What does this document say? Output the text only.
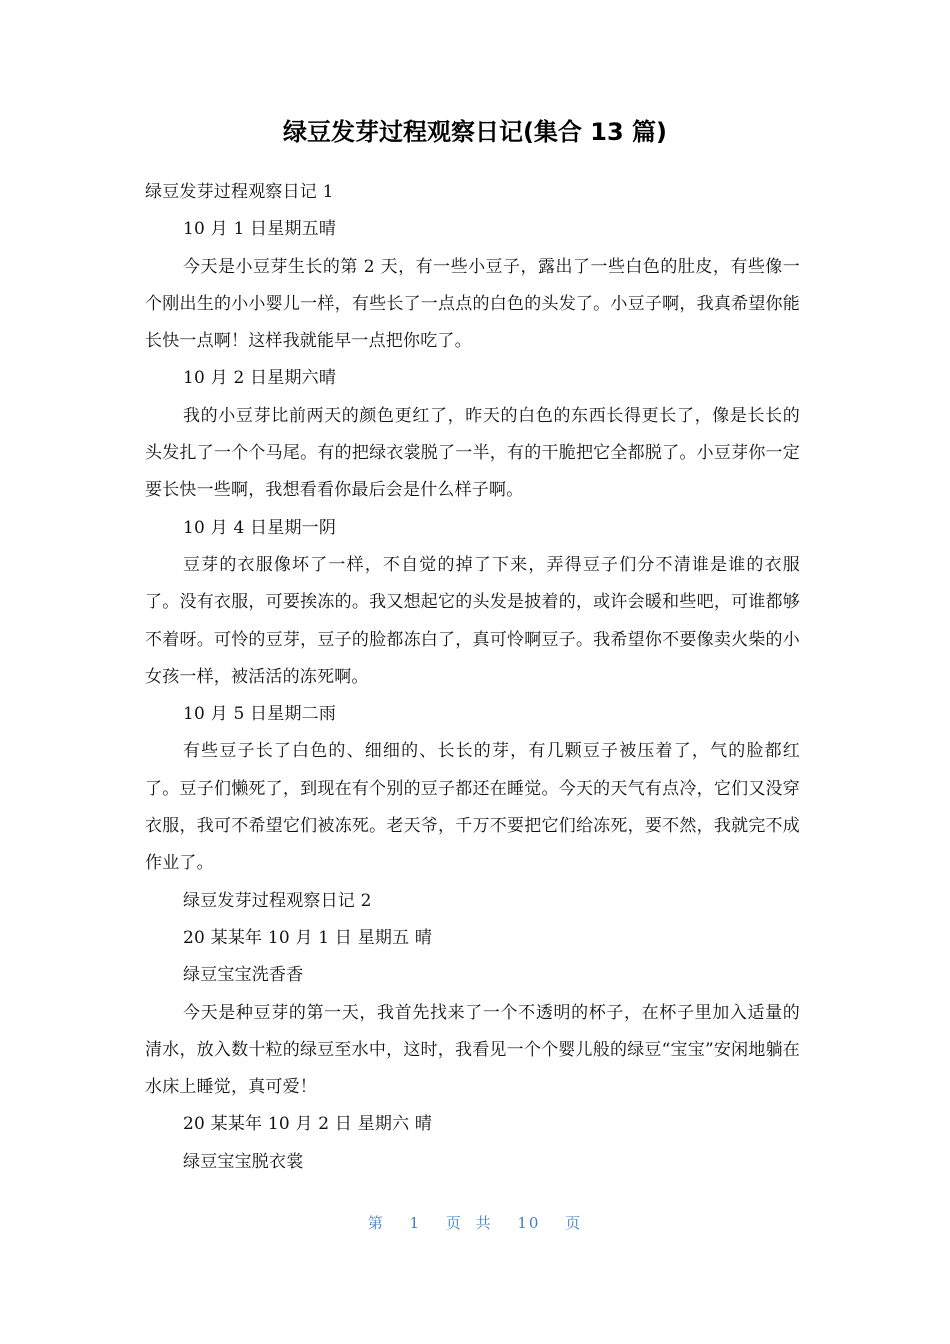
绿豆发芽过程观察日记(集合 13 篇)

绿豆发芽过程观察日记 1

10 月 1 日星期五晴

今天是小豆芽生长的第 2 天，有一些小豆子，露出了一些白色的肚皮，有些像一个刚出生的小小婴儿一样，有些长了一点点的白色的头发了。小豆子啊，我真希望你能长快一点啊！这样我就能早一点把你吃了。

10 月 2 日星期六晴

我的小豆芽比前两天的颜色更红了，昨天的白色的东西长得更长了，像是长长的头发扎了一个个马尾。有的把绿衣裳脱了一半，有的干脆把它全都脱了。小豆芽你一定要长快一些啊，我想看看你最后会是什么样子啊。

10 月 4 日星期一阴

豆芽的衣服像坏了一样，不自觉的掉了下来，弄得豆子们分不清谁是谁的衣服了。没有衣服，可要挨冻的。我又想起它的头发是披着的，或许会暖和些吧，可谁都够不着呀。可怜的豆芽，豆子的脸都冻白了，真可怜啊豆子。我希望你不要像卖火柴的小女孩一样，被活活的冻死啊。

10 月 5 日星期二雨

有些豆子长了白色的、细细的、长长的芽，有几颗豆子被压着了，气的脸都红了。豆子们懒死了，到现在有个别的豆子都还在睡觉。今天的天气有点冷，它们又没穿衣服，我可不希望它们被冻死。老天爷，千万不要把它们给冻死，要不然，我就完不成作业了。

绿豆发芽过程观察日记 2

20 某某年 10 月 1 日 星期五 晴

绿豆宝宝洗香香

今天是种豆芽的第一天，我首先找来了一个不透明的杯子，在杯子里加入适量的清水，放入数十粒的绿豆至水中，这时，我看见一个个婴儿般的绿豆“宝宝”安闲地躺在水床上睡觉，真可爱！

20 某某年 10 月 2 日 星期六 晴

绿豆宝宝脱衣裳

第 1 页 共 10 页
